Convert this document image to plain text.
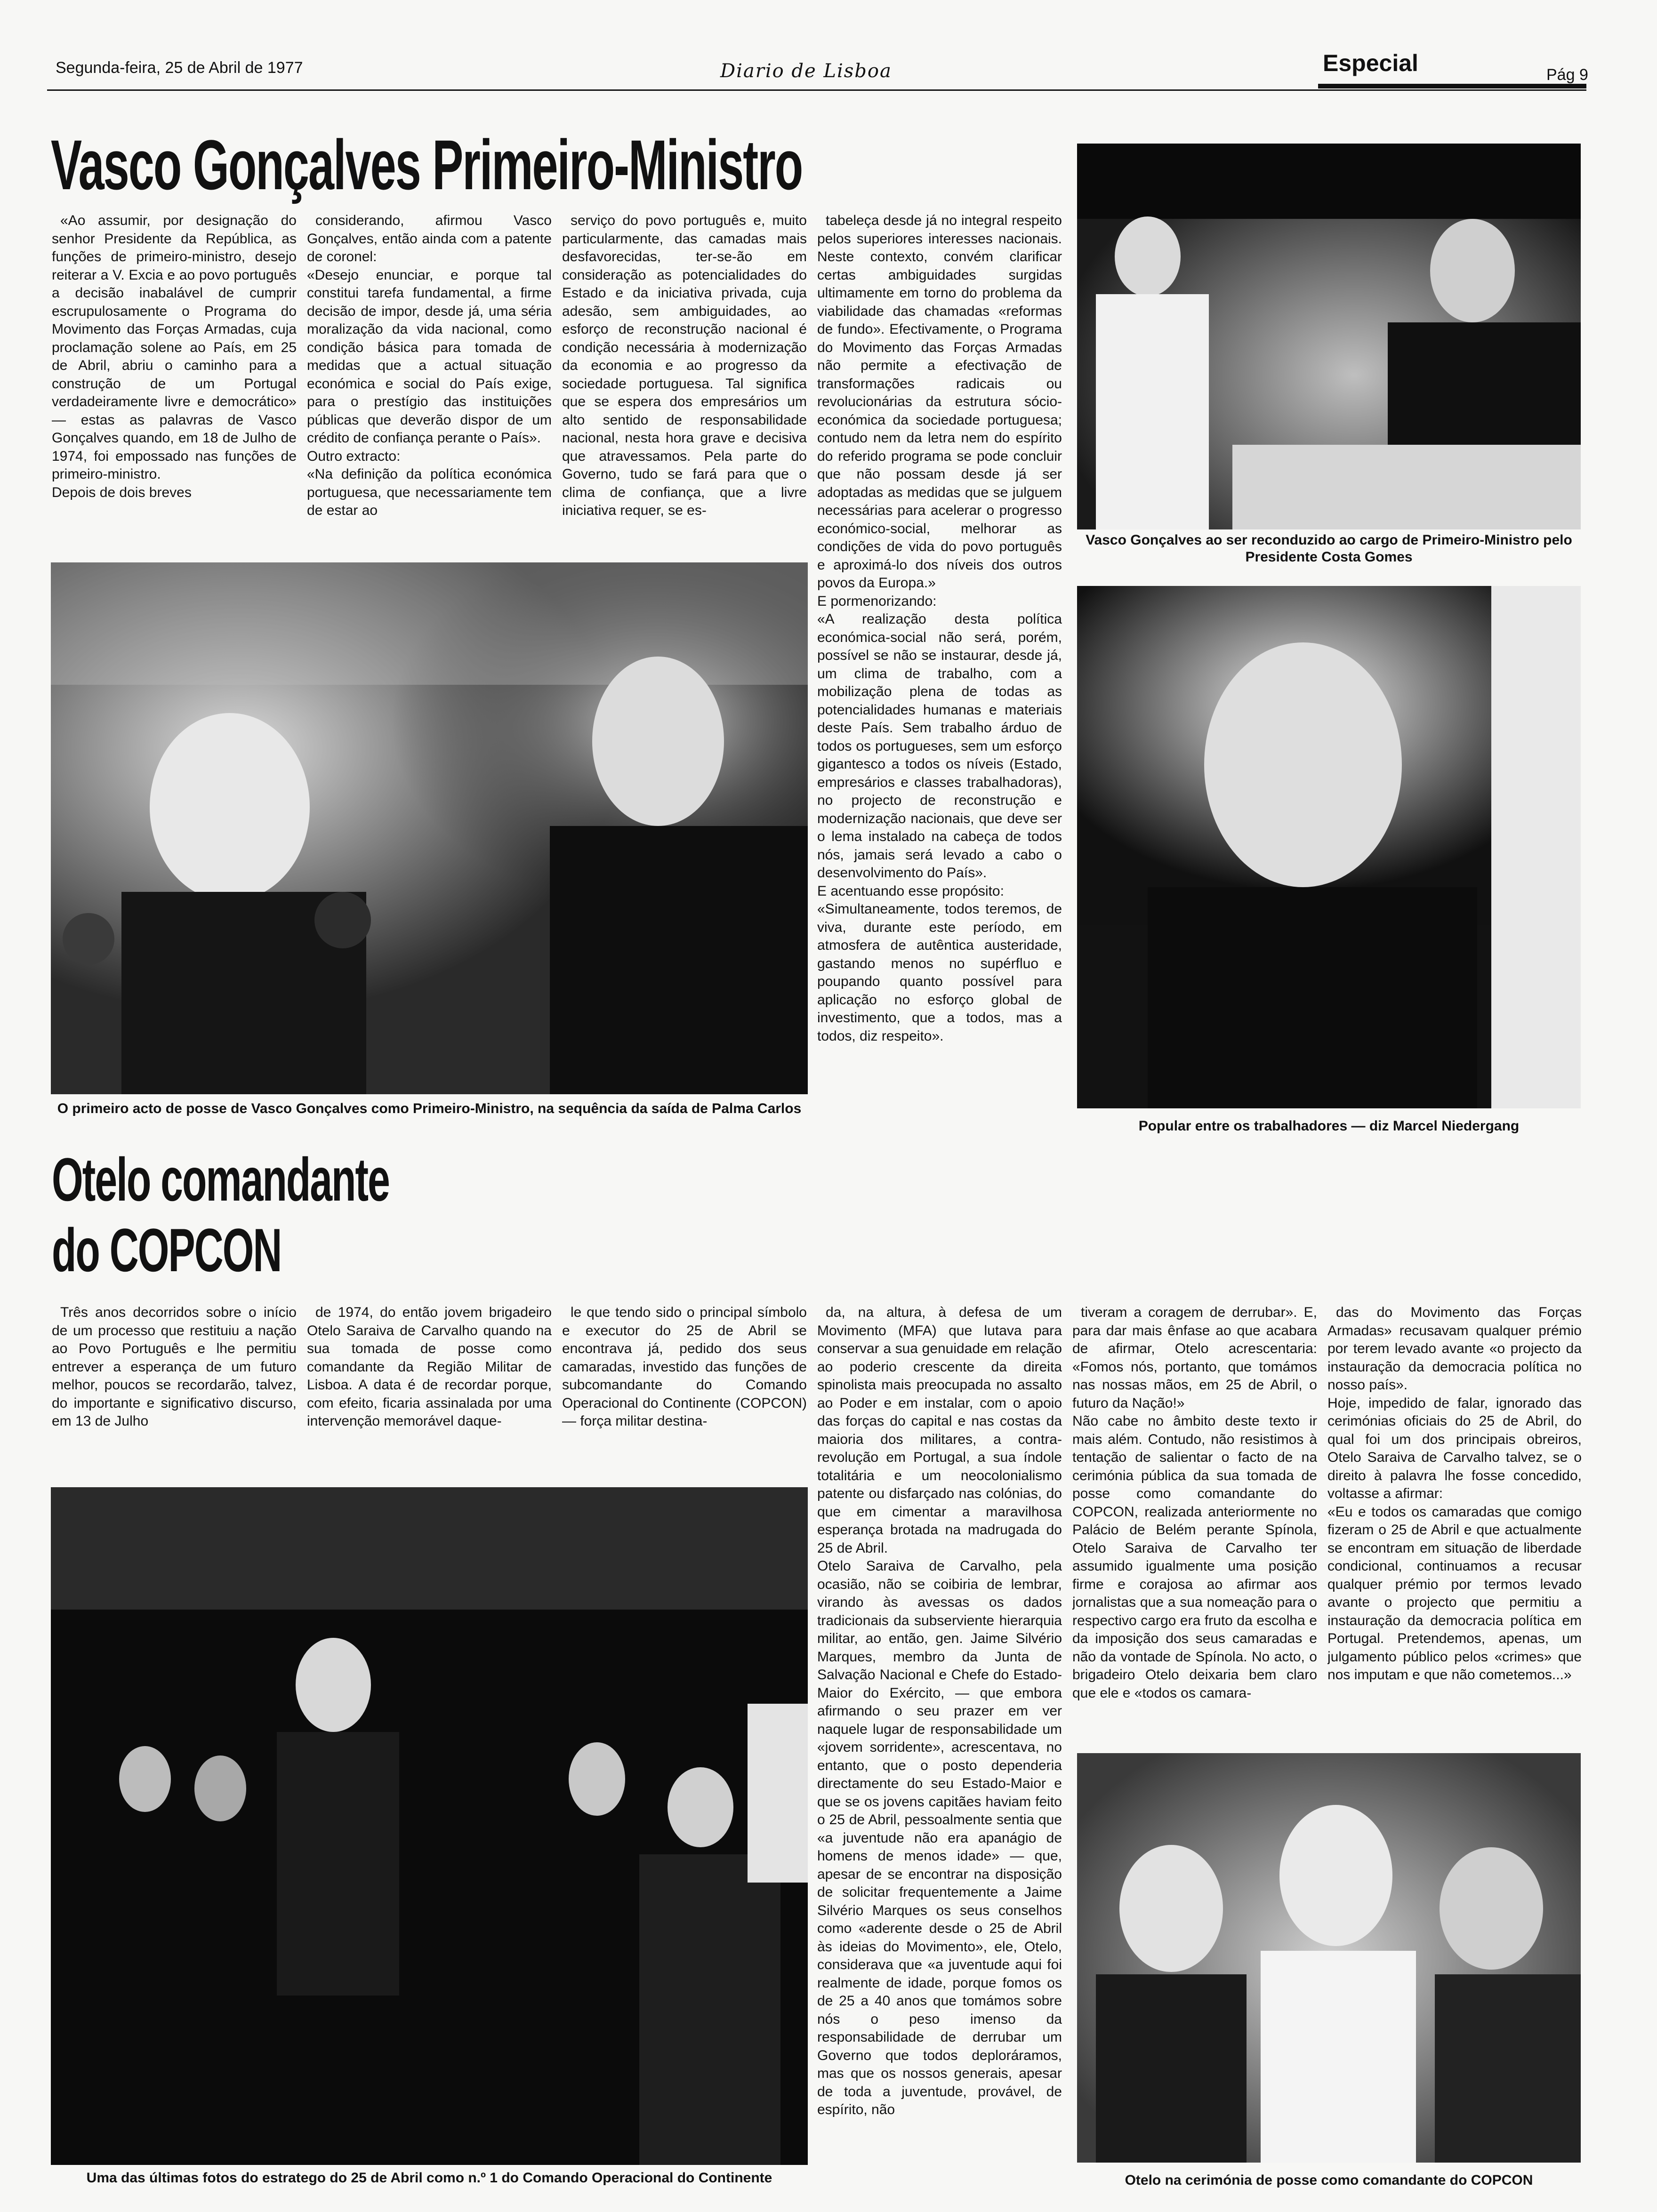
Segunda-feira, 25 de Abril de 1977	Diario de Lisboa	Especial	Pág 9
Vasco Gonçalves Primeiro-Ministro
«Ao assumir, por designação do senhor Presidente da República, as funções de primeiro-ministro, desejo reiterar a V. Excia e ao povo português a decisão inabalável de cumprir escrupulosamente o Programa do Movimento das Forças Armadas, cuja proclamação solene ao País, em 25 de Abril, abriu o caminho para a construção de um Portugal verdadeiramente livre e democrático» — estas as palavras de Vasco Gonçalves quando, em 18 de Julho de 1974, foi empossado nas funções de primeiro-ministro.
Depois de dois breves
considerando, afirmou Vasco Gonçalves, então ainda com a patente de coronel:
«Desejo enunciar, e porque tal constitui tarefa fundamental, a firme decisão de impor, desde já, uma séria moralização da vida nacional, como condição básica para tomada de medidas que a actual situação económica e social do País exige, para o prestígio das instituições públicas que deverão dispor de um crédito de confiança perante o País».
Outro extracto:
«Na definição da política económica portuguesa, que necessariamente tem de estar ao
serviço do povo português e, muito particularmente, das camadas mais desfavorecidas, ter-se-ão em consideração as potencialidades do Estado e da iniciativa privada, cuja adesão, sem ambiguidades, ao esforço de reconstrução nacional é condição necessária à modernização da economia e ao progresso da sociedade portuguesa. Tal significa que se espera dos empresários um alto sentido de responsabilidade nacional, nesta hora grave e decisiva que atravessamos. Pela parte do Governo, tudo se fará para que o clima de confiança, que a livre iniciativa requer, se es-
tabeleça desde já no integral respeito pelos superiores interesses nacionais. Neste contexto, convém clarificar certas ambiguidades surgidas ultimamente em torno do problema da viabilidade das chamadas «reformas de fundo». Efectivamente, o Programa do Movimento das Forças Armadas não permite a efectivação de transformações radicais ou revolucionárias da estrutura sócio-económica da sociedade portuguesa; contudo nem da letra nem do espírito do referido programa se pode concluir que não possam desde já ser adoptadas as medidas que se julguem necessárias para acelerar o progresso económico-social, melhorar as condições de vida do povo português e aproximá-lo dos níveis dos outros povos da Europa.»
E pormenorizando:
«A realização desta política económica-social não será, porém, possível se não se instaurar, desde já, um clima de trabalho, com a mobilização plena de todas as potencialidades humanas e materiais deste País. Sem trabalho árduo de todos os portugueses, sem um esforço gigantesco a todos os níveis (Estado, empresários e classes trabalhadoras), no projecto de reconstrução e modernização nacionais, que deve ser o lema instalado na cabeça de todos nós, jamais será levado a cabo o desenvolvimento do País».
E acentuando esse propósito:
«Simultaneamente, todos teremos, de viva, durante este período, em atmosfera de autêntica austeridade, gastando menos no supérfluo e poupando quanto possível para aplicação no esforço global de investimento, que a todos, mas a todos, diz respeito».
O primeiro acto de posse de Vasco Gonçalves como Primeiro-Ministro, na sequência da saída de Palma Carlos
Vasco Gonçalves ao ser reconduzido ao cargo de Primeiro-Ministro pelo Presidente Costa Gomes
Popular entre os trabalhadores — diz Marcel Niedergang
Otelo comandante
do COPCON
Três anos decorridos sobre o início de um processo que restituiu a nação ao Povo Português e lhe permitiu entrever a esperança de um futuro melhor, poucos se recordarão, talvez, do importante e significativo discurso, em 13 de Julho
de 1974, do então jovem brigadeiro Otelo Saraiva de Carvalho quando na sua tomada de posse como comandante da Região Militar de Lisboa. A data é de recordar porque, com efeito, ficaria assinalada por uma intervenção memorável daque-
le que tendo sido o principal símbolo e executor do 25 de Abril se encontrava já, pedido dos seus camaradas, investido das funções de subcomandante do Comando Operacional do Continente (COPCON) — força militar destina-
da, na altura, à defesa de um Movimento (MFA) que lutava para conservar a sua genuidade em relação ao poderio crescente da direita spinolista mais preocupada no assalto ao Poder e em instalar, com o apoio das forças do capital e nas costas da maioria dos militares, a contra-revolução em Portugal, a sua índole totalitária e um neocolonialismo patente ou disfarçado nas colónias, do que em cimentar a maravilhosa esperança brotada na madrugada do 25 de Abril.
Otelo Saraiva de Carvalho, pela ocasião, não se coibiria de lembrar, virando às avessas os dados tradicionais da subserviente hierarquia militar, ao então, gen. Jaime Silvério Marques, membro da Junta de Salvação Nacional e Chefe do Estado-Maior do Exército, — que embora afirmando o seu prazer em ver naquele lugar de responsabilidade um «jovem sorridente», acrescentava, no entanto, que o posto dependeria directamente do seu Estado-Maior e que se os jovens capitães haviam feito o 25 de Abril, pessoalmente sentia que «a juventude não era apanágio de homens de menos idade» — que, apesar de se encontrar na disposição de solicitar frequentemente a Jaime Silvério Marques os seus conselhos como «aderente desde o 25 de Abril às ideias do Movimento», ele, Otelo, considerava que «a juventude aqui foi realmente de idade, porque fomos os de 25 a 40 anos que tomámos sobre nós o peso imenso da responsabilidade de derrubar um Governo que todos deploráramos, mas que os nossos generais, apesar de toda a juventude, provável, de espírito, não
tiveram a coragem de derrubar». E, para dar mais ênfase ao que acabara de afirmar, Otelo acrescentaria: «Fomos nós, portanto, que tomámos nas nossas mãos, em 25 de Abril, o futuro da Nação!»
Não cabe no âmbito deste texto ir mais além. Contudo, não resistimos à tentação de salientar o facto de na cerimónia pública da sua tomada de posse como comandante do COPCON, realizada anteriormente no Palácio de Belém perante Spínola, Otelo Saraiva de Carvalho ter assumido igualmente uma posição firme e corajosa ao afirmar aos jornalistas que a sua nomeação para o respectivo cargo era fruto da escolha e da imposição dos seus camaradas e não da vontade de Spínola. No acto, o brigadeiro Otelo deixaria bem claro que ele e «todos os camara-
das do Movimento das Forças Armadas» recusavam qualquer prémio por terem levado avante «o projecto da instauração da democracia política no nosso país».
Hoje, impedido de falar, ignorado das cerimónias oficiais do 25 de Abril, do qual foi um dos principais obreiros, Otelo Saraiva de Carvalho talvez, se o direito à palavra lhe fosse concedido, voltasse a afirmar:
«Eu e todos os camaradas que comigo fizeram o 25 de Abril e que actualmente se encontram em situação de liberdade condicional, continuamos a recusar qualquer prémio por termos levado avante o projecto que permitiu a instauração da democracia política em Portugal. Pretendemos, apenas, um julgamento público pelos «crimes» que nos imputam e que não cometemos...»
Uma das últimas fotos do estratego do 25 de Abril como n.º 1 do Comando Operacional do Continente	Otelo na cerimónia de posse como comandante do COPCON
